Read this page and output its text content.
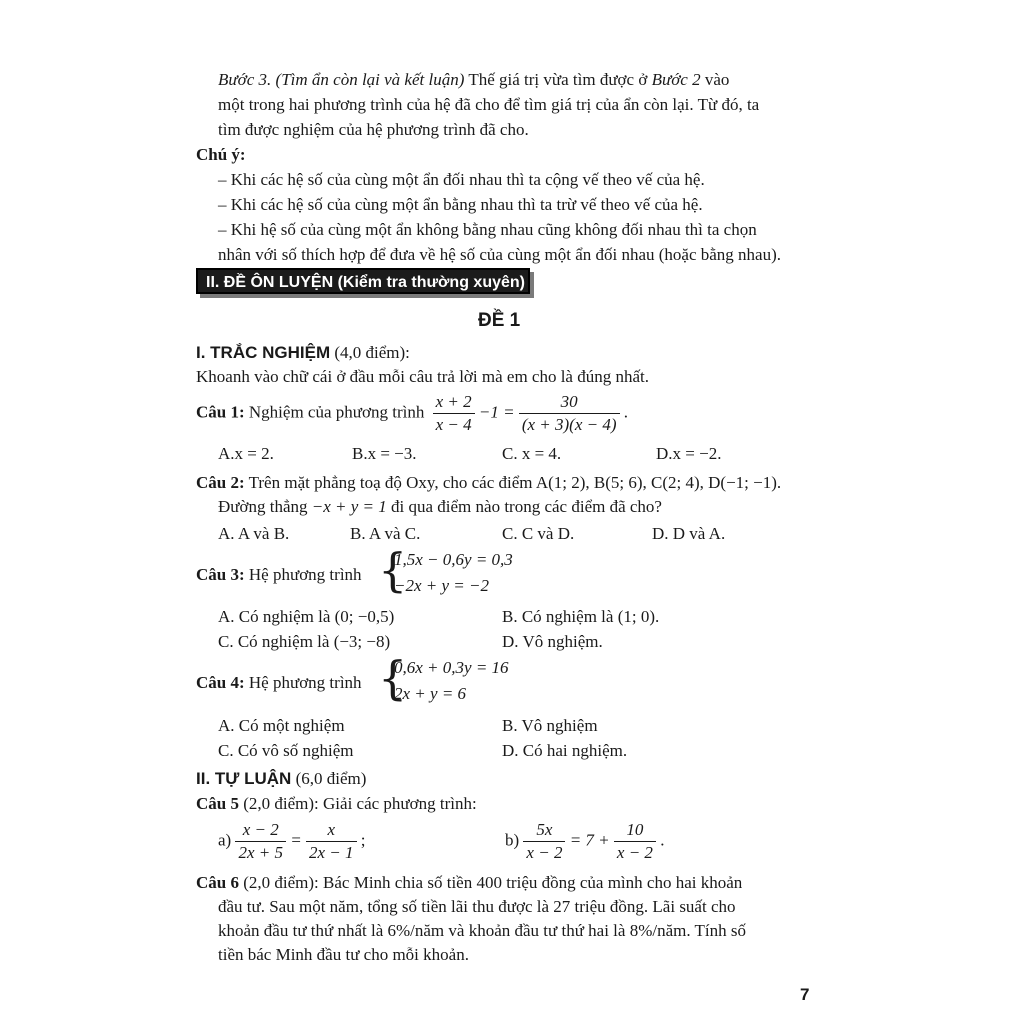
Bước 3. (Tìm ẩn còn lại và kết luận) Thế giá trị vừa tìm được ở Bước 2 vào
một trong hai phương trình của hệ đã cho để tìm giá trị của ẩn còn lại. Từ đó, ta
tìm được nghiệm của hệ phương trình đã cho.
Chú ý:
– Khi các hệ số của cùng một ẩn đối nhau thì ta cộng vế theo vế của hệ.
– Khi các hệ số của cùng một ẩn bằng nhau thì ta trừ vế theo vế của hệ.
– Khi hệ số của cùng một ẩn không bằng nhau cũng không đối nhau thì ta chọn
nhân với số thích hợp để đưa về hệ số của cùng một ẩn đối nhau (hoặc bằng nhau).
II. ĐỀ ÔN LUYỆN (Kiểm tra thường xuyên)
ĐỀ 1
I. TRẮC NGHIỆM (4,0 điểm):
Khoanh vào chữ cái ở đầu mỗi câu trả lời mà em cho là đúng nhất.
Câu 1: Nghiệm của phương trình $\frac{x + 2}{x - 4} -1 = \frac{30}{(x + 3)(x - 4)}$ .
A.x = 2.	B.x = −3.	C. x = 4.	D.x = −2.
Câu 2: Trên mặt phẳng toạ độ Oxy, cho các điểm A(1; 2), B(5; 6), C(2; 4), D(−1; −1).
Đường thẳng −x + y = 1 đi qua điểm nào trong các điểm đã cho?
A. A và B.	B. A và C.	C. C và D.	D. D và A.
Câu 3: Hệ phương trình {
1,5x − 0,6y = 0,3
−2x + y = −2
A. Có nghiệm là (0; −0,5)	B. Có nghiệm là (1; 0).
C. Có nghiệm là (−3; −8)	D. Vô nghiệm.
Câu 4: Hệ phương trình {
0,6x + 0,3y = 16
2x + y = 6
A. Có một nghiệm	B. Vô nghiệm
C. Có vô số nghiệm	D. Có hai nghiệm.
II. TỰ LUẬN (6,0 điểm)
Câu 5 (2,0 điểm): Giải các phương trình:
$a) \frac{x - 2}{2x + 5} = \frac{x}{2x - 1}$ ;	$b) \frac{5x}{x - 2} = 7 + \frac{10}{x - 2}$ .
Câu 6 (2,0 điểm): Bác Minh chia số tiền 400 triệu đồng của mình cho hai khoản
đầu tư. Sau một năm, tổng số tiền lãi thu được là 27 triệu đồng. Lãi suất cho
khoản đầu tư thứ nhất là 6%/năm và khoản đầu tư thứ hai là 8%/năm. Tính số
tiền bác Minh đầu tư cho mỗi khoản.
7
